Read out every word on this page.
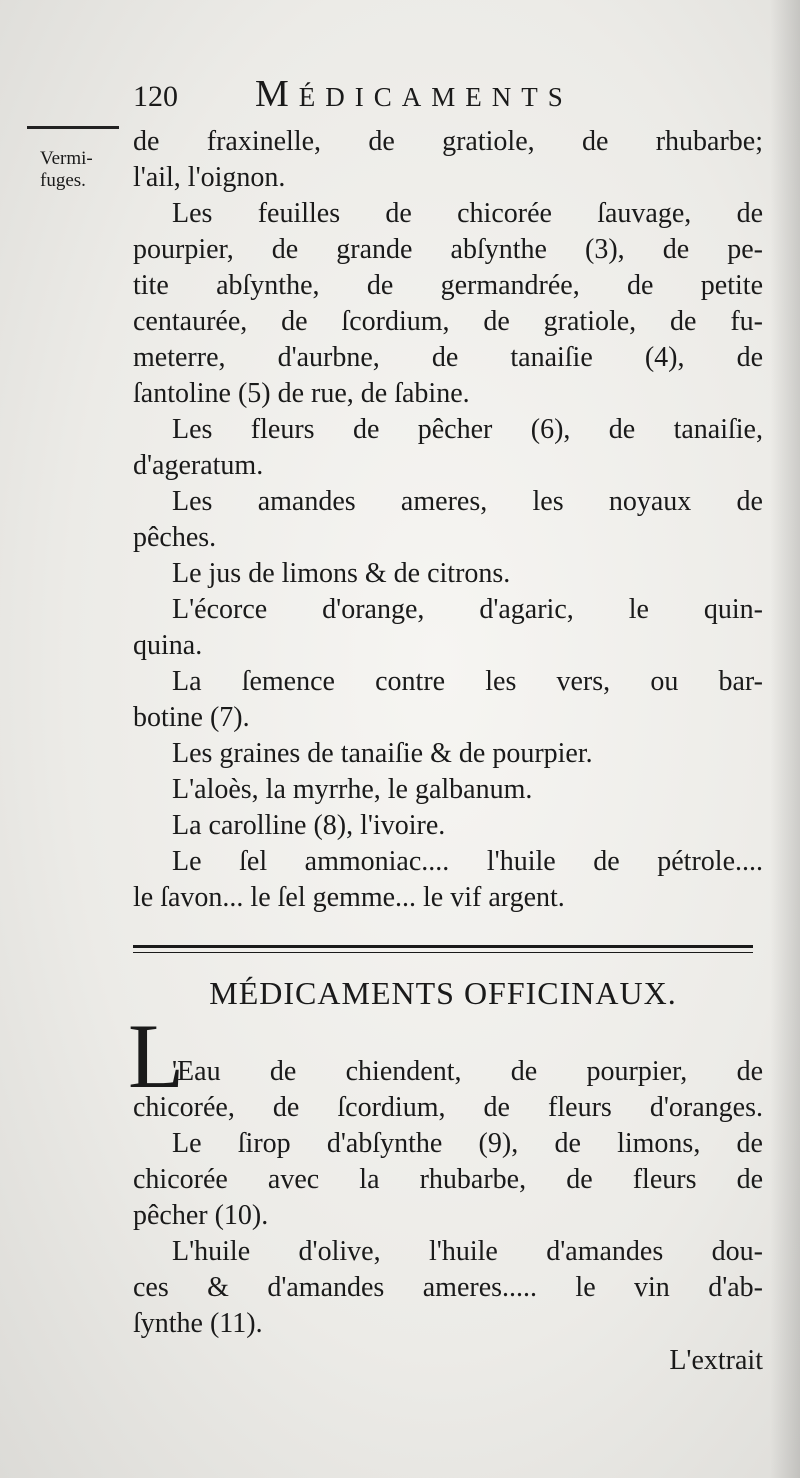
120 Médicaments
Vermi-
fuges.
de fraxinelle, de gratiole, de rhubarbe;
l'ail, l'oignon.
Les feuilles de chicorée ſauvage, de
pourpier, de grande abſynthe (3), de pe-
tite abſynthe, de germandrée, de petite
centaurée, de ſcordium, de gratiole, de fu-
meterre, d'aurbne, de tanaiſie (4), de
ſantoline (5) de rue, de ſabine.
Les fleurs de pêcher (6), de tanaiſie,
d'ageratum.
Les amandes ameres, les noyaux de
pêches.
Le jus de limons & de citrons.
L'écorce d'orange, d'agaric, le quin-
quina.
La ſemence contre les vers, ou bar-
botine (7).
Les graines de tanaiſie & de pourpier.
L'aloès, la myrrhe, le galbanum.
La carolline (8), l'ivoire.
Le ſel ammoniac.... l'huile de pétrole....
le ſavon... le ſel gemme... le vif argent.
MÉDICAMENTS OFFICINAUX.
L
'Eau de chiendent, de pourpier, de
chicorée, de ſcordium, de fleurs d'oranges.
Le ſirop d'abſynthe (9), de limons, de
chicorée avec la rhubarbe, de fleurs de
pêcher (10).
L'huile d'olive, l'huile d'amandes dou-
ces & d'amandes ameres..... le vin d'ab-
ſynthe (11).
L'extrait
